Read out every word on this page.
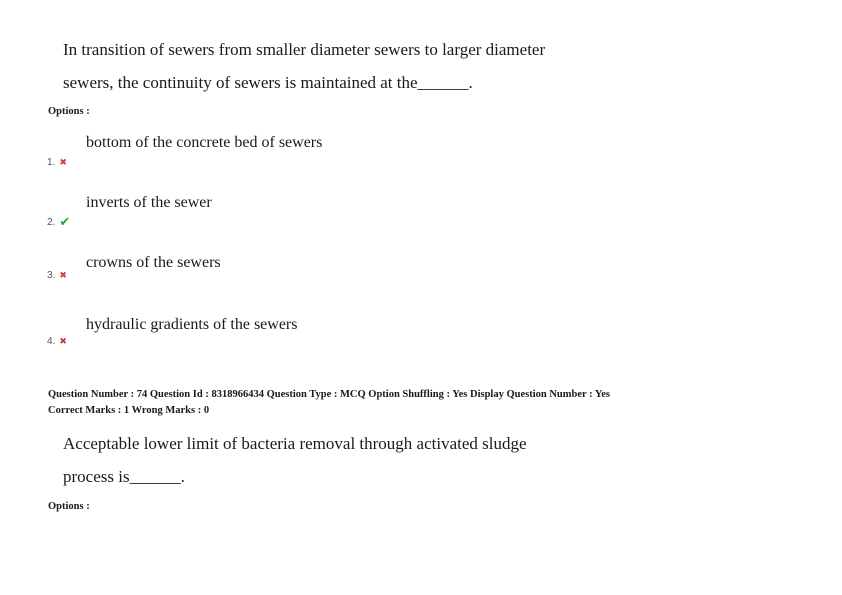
In transition of sewers from smaller diameter sewers to larger diameter
sewers, the continuity of sewers is maintained at the______.
Options :
bottom of the concrete bed of sewers
1. ✖
inverts of the sewer
2. ✔
crowns of the sewers
3. ✖
hydraulic gradients of the sewers
4. ✖
Question Number : 74 Question Id : 8318966434 Question Type : MCQ Option Shuffling : Yes Display Question Number : Yes
Correct Marks : 1 Wrong Marks : 0
Acceptable lower limit of bacteria removal through activated sludge
process is______.
Options :
